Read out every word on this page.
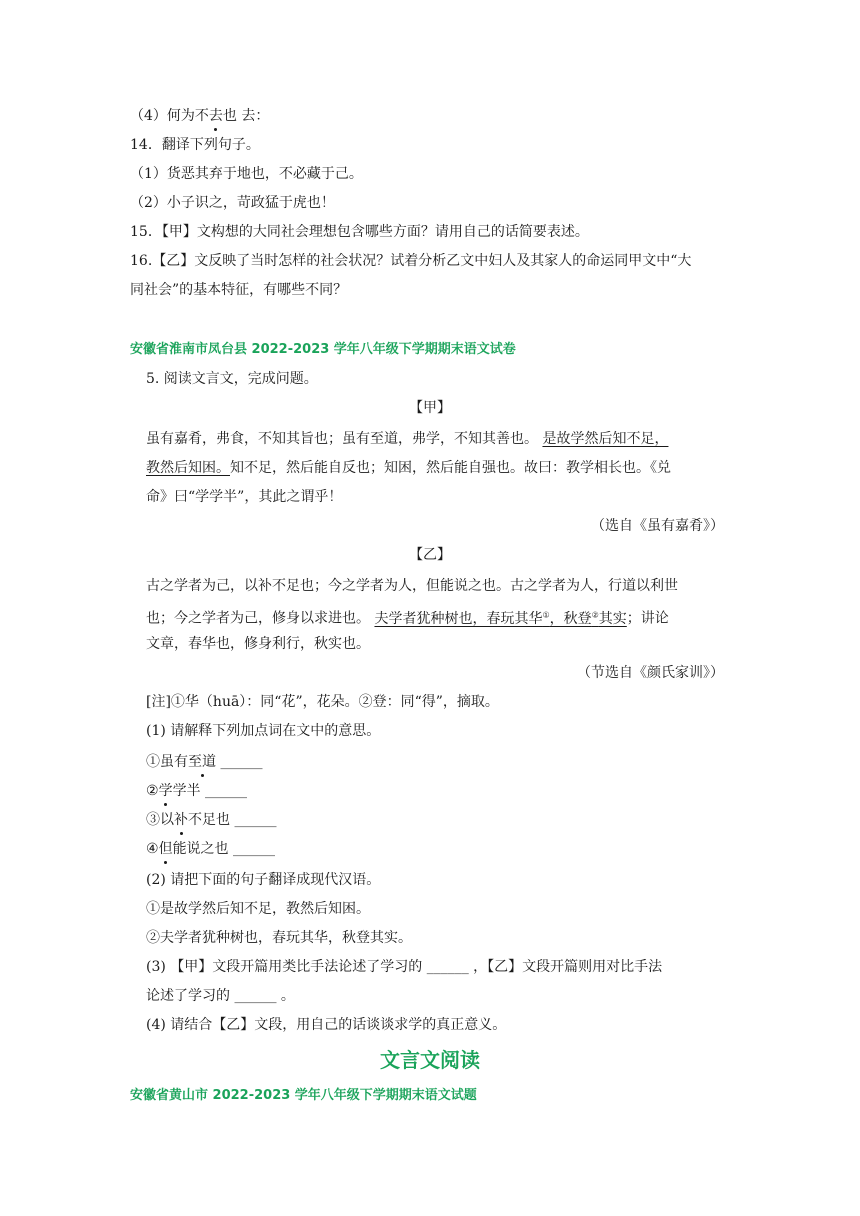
（4）何为不去也 去：
14．翻译下列句子。
（1）货恶其弃于地也，不必藏于己。
（2）小子识之，苛政猛于虎也！
15．【甲】文构想的大同社会理想包含哪些方面？请用自己的话简要表述。
16.【乙】文反映了当时怎样的社会状况？试着分析乙文中妇人及其家人的命运同甲文中“大
同社会”的基本特征，有哪些不同？
安徽省淮南市凤台县 2022-2023 学年八年级下学期期末语文试卷
5. 阅读文言文，完成问题。
【甲】
虽有嘉肴，弗食，不知其旨也；虽有至道，弗学，不知其善也。 是故学然后知不足，
教然后知困。知不足，然后能自反也；知困，然后能自强也。故曰：教学相长也。《兑
命》曰“学学半”，其此之谓乎！
（选自《虽有嘉肴》）
【乙】
古之学者为己，以补不足也；今之学者为人，但能说之也。古之学者为人，行道以利世
也；今之学者为己，修身以求进也。 夫学者犹种树也，春玩其华①，秋登②其实；讲论
文章，春华也，修身利行，秋实也。
（节选自《颜氏家训》）
[注]①华（huā）：同“花”，花朵。②登：同“得”，摘取。
(1) 请解释下列加点词在文中的意思。
①虽有至道 ______
②学学半 ______
③以补不足也 ______
④但能说之也 ______
(2) 请把下面的句子翻译成现代汉语。
①是故学然后知不足，教然后知困。
②夫学者犹种树也，春玩其华，秋登其实。
(3) 【甲】文段开篇用类比手法论述了学习的 ______ ，【乙】文段开篇则用对比手法
论述了学习的 ______ 。
(4) 请结合【乙】文段，用自己的话谈谈求学的真正意义。
文言文阅读
安徽省黄山市 2022-2023 学年八年级下学期期末语文试题
